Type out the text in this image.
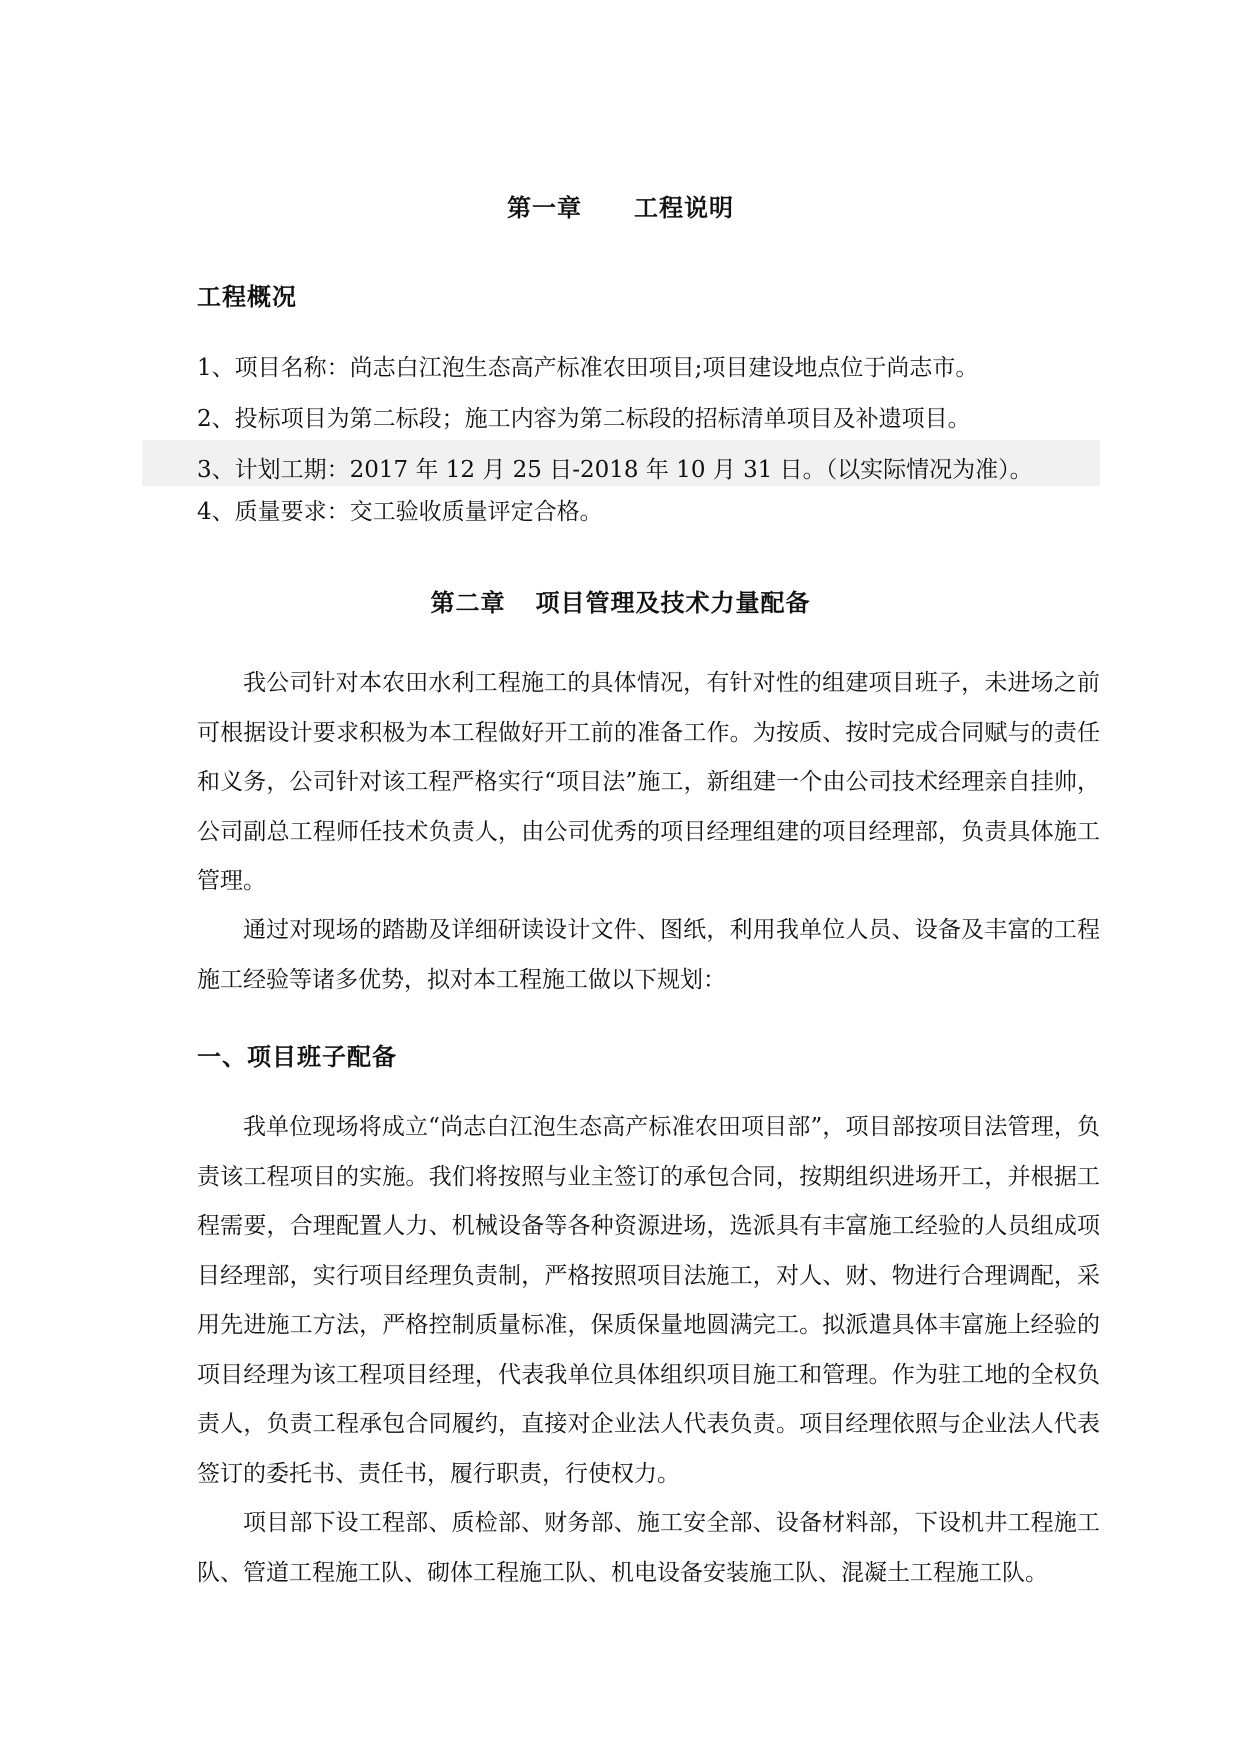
第一章 工程说明
工程概况
1、项目名称：尚志白江泡生态高产标准农田项目;项目建设地点位于尚志市。
2、投标项目为第二标段；施工内容为第二标段的招标清单项目及补遗项目。
3、计划工期：2017 年 12 月 25 日-2018 年 10 月 31 日。（以实际情况为准）。
4、质量要求：交工验收质量评定合格。
第二章 项目管理及技术力量配备
我公司针对本农田水利工程施工的具体情况，有针对性的组建项目班子，未进场之前可根据设计要求积极为本工程做好开工前的准备工作。为按质、按时完成合同赋与的责任和义务，公司针对该工程严格实行“项目法”施工，新组建一个由公司技术经理亲自挂帅，公司副总工程师任技术负责人，由公司优秀的项目经理组建的项目经理部，负责具体施工管理。
通过对现场的踏勘及详细研读设计文件、图纸，利用我单位人员、设备及丰富的工程施工经验等诸多优势，拟对本工程施工做以下规划：
一、项目班子配备
我单位现场将成立“尚志白江泡生态高产标准农田项目部”，项目部按项目法管理，负责该工程项目的实施。我们将按照与业主签订的承包合同，按期组织进场开工，并根据工程需要，合理配置人力、机械设备等各种资源进场，选派具有丰富施工经验的人员组成项目经理部，实行项目经理负责制，严格按照项目法施工，对人、财、物进行合理调配，采用先进施工方法，严格控制质量标准，保质保量地圆满完工。拟派遣具体丰富施上经验的项目经理为该工程项目经理，代表我单位具体组织项目施工和管理。作为驻工地的全权负责人，负责工程承包合同履约，直接对企业法人代表负责。项目经理依照与企业法人代表签订的委托书、责任书，履行职责，行使权力。
项目部下设工程部、质检部、财务部、施工安全部、设备材料部，下设机井工程施工队、管道工程施工队、砌体工程施工队、机电设备安装施工队、混凝土工程施工队。
